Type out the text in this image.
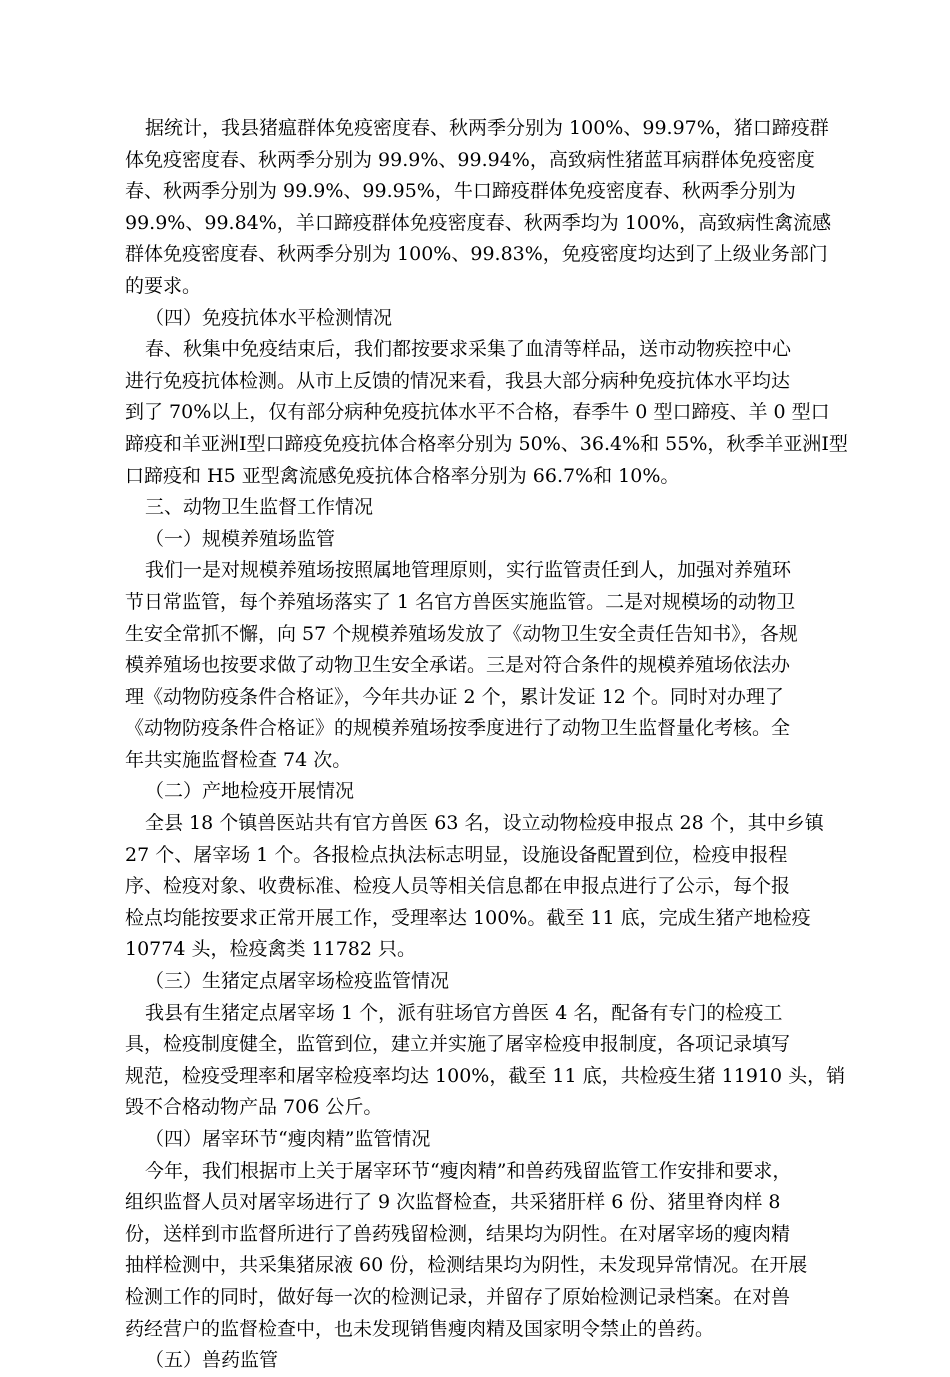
据统计，我县猪瘟群体免疫密度春、秋两季分别为 100%、99.97%，猪口蹄疫群
体免疫密度春、秋两季分别为 99.9%、99.94%，高致病性猪蓝耳病群体免疫密度
春、秋两季分别为 99.9%、99.95%，牛口蹄疫群体免疫密度春、秋两季分别为
99.9%、99.84%，羊口蹄疫群体免疫密度春、秋两季均为 100%，高致病性禽流感
群体免疫密度春、秋两季分别为 100%、99.83%，免疫密度均达到了上级业务部门
的要求。
（四）免疫抗体水平检测情况
春、秋集中免疫结束后，我们都按要求采集了血清等样品，送市动物疾控中心
进行免疫抗体检测。从市上反馈的情况来看，我县大部分病种免疫抗体水平均达
到了 70%以上，仅有部分病种免疫抗体水平不合格，春季牛 0 型口蹄疫、羊 0 型口
蹄疫和羊亚洲Ⅰ型口蹄疫免疫抗体合格率分别为 50%、36.4%和 55%，秋季羊亚洲Ⅰ型
口蹄疫和 H5 亚型禽流感免疫抗体合格率分别为 66.7%和 10%。
三、动物卫生监督工作情况
（一）规模养殖场监管
我们一是对规模养殖场按照属地管理原则，实行监管责任到人，加强对养殖环
节日常监管，每个养殖场落实了 1 名官方兽医实施监管。二是对规模场的动物卫
生安全常抓不懈，向 57 个规模养殖场发放了《动物卫生安全责任告知书》，各规
模养殖场也按要求做了动物卫生安全承诺。三是对符合条件的规模养殖场依法办
理《动物防疫条件合格证》，今年共办证 2 个，累计发证 12 个。同时对办理了
《动物防疫条件合格证》的规模养殖场按季度进行了动物卫生监督量化考核。全
年共实施监督检查 74 次。
（二）产地检疫开展情况
全县 18 个镇兽医站共有官方兽医 63 名，设立动物检疫申报点 28 个，其中乡镇
27 个、屠宰场 1 个。各报检点执法标志明显，设施设备配置到位，检疫申报程
序、检疫对象、收费标准、检疫人员等相关信息都在申报点进行了公示，每个报
检点均能按要求正常开展工作，受理率达 100%。截至 11 底，完成生猪产地检疫
10774 头，检疫禽类 11782 只。
（三）生猪定点屠宰场检疫监管情况
我县有生猪定点屠宰场 1 个，派有驻场官方兽医 4 名，配备有专门的检疫工
具，检疫制度健全，监管到位，建立并实施了屠宰检疫申报制度，各项记录填写
规范，检疫受理率和屠宰检疫率均达 100%，截至 11 底，共检疫生猪 11910 头，销
毁不合格动物产品 706 公斤。
（四）屠宰环节“瘦肉精”监管情况
今年，我们根据市上关于屠宰环节“瘦肉精”和兽药残留监管工作安排和要求，
组织监督人员对屠宰场进行了 9 次监督检查，共采猪肝样 6 份、猪里脊肉样 8
份，送样到市监督所进行了兽药残留检测，结果均为阴性。在对屠宰场的瘦肉精
抽样检测中，共采集猪尿液 60 份，检测结果均为阴性，未发现异常情况。在开展
检测工作的同时，做好每一次的检测记录，并留存了原始检测记录档案。在对兽
药经营户的监督检查中，也未发现销售瘦肉精及国家明令禁止的兽药。
（五）兽药监管
